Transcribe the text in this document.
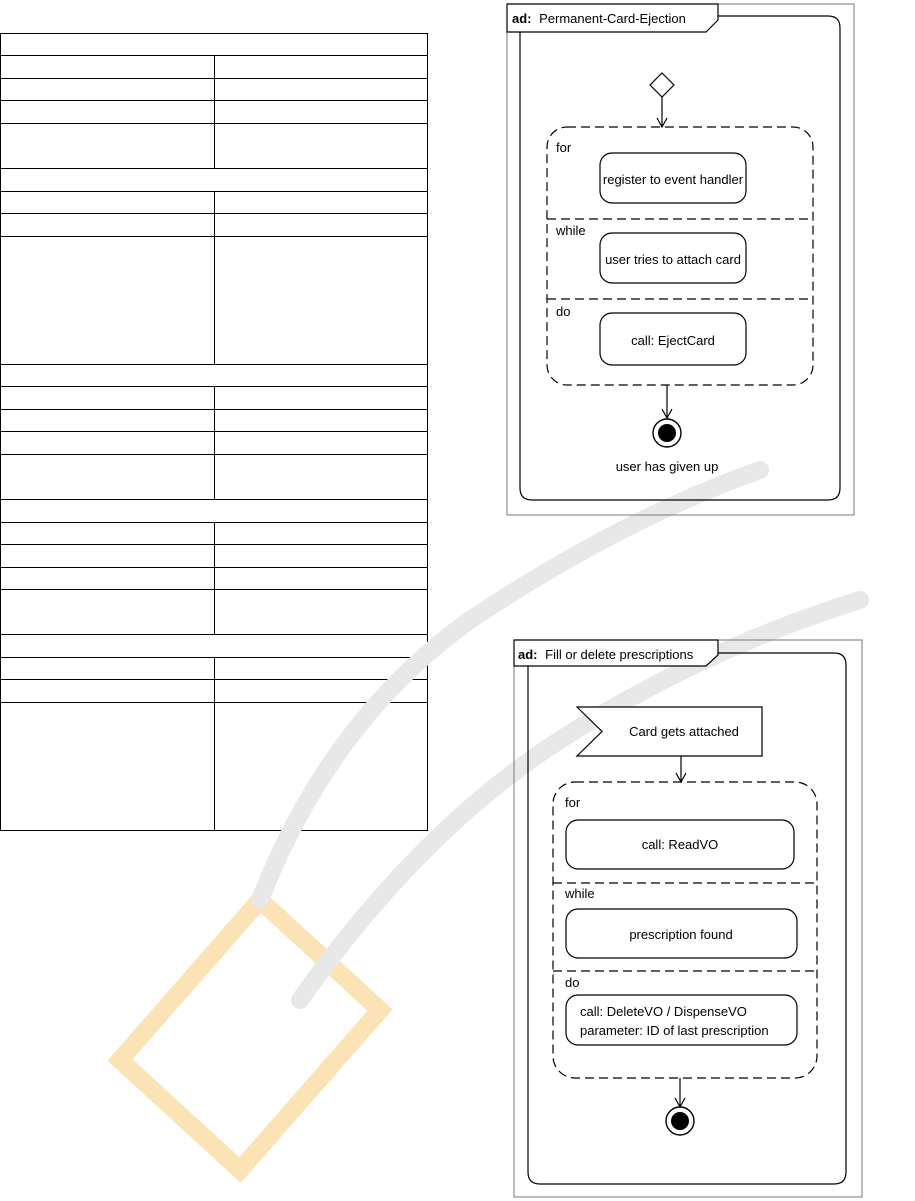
ad: Permanent-Card-Ejection
for
while
do
register to event handler
user tries to attach card
call: EjectCard
user has given up
ad: Fill or delete prescriptions
Card gets attached
for
while
do
call: ReadVO
prescription found
call: DeleteVO / DispenseVO
parameter: ID of last prescription
